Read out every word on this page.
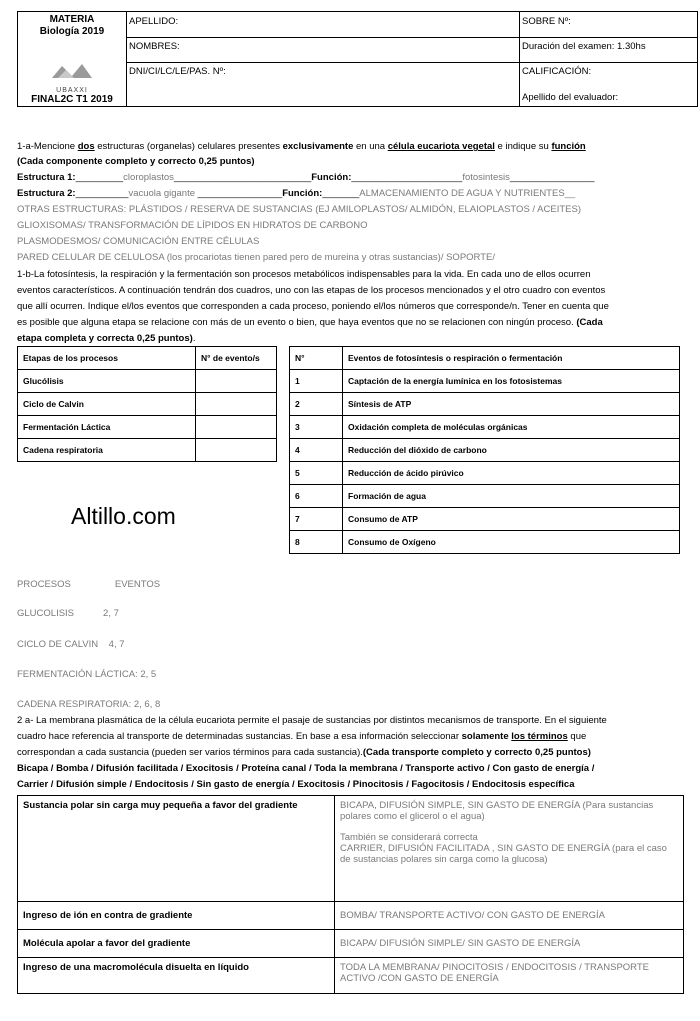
MATERIA
Biología 2019
UBAXXI
FINAL2C T1 2019
APELLIDO:
NOMBRES:
DNI/CI/LC/LE/PAS. Nº:
SOBRE Nº:
Duración del examen: 1.30hs
CALIFICACIÓN:
Apellido del evaluador:
1-a-Mencione dos estructuras (organelas) celulares presentes exclusivamente en una célula eucariota vegetal e indique su función
(Cada componente completo y correcto 0,25 puntos)
Estructura 1:_________cloroplastos__________________________Función:_____________________fotosintesis________________
Estructura 2:__________vacuola gigante ________________Función:_______ALMACENAMIENTO DE AGUA Y NUTRIENTES__
OTRAS ESTRUCTURAS: PLÁSTIDOS / RESERVA DE SUSTANCIAS (EJ AMILOPLASTOS/ ALMIDÓN, ELAIOPLASTOS / ACEITES)
GLIOXISOMAS/ TRANSFORMACIÓN DE LÍPIDOS EN HIDRATOS DE CARBONO
PLASMODESMOS/ COMUNICACIÓN ENTRE CÉLULAS
PARED CELULAR DE CELULOSA (los procariotas tienen pared pero de mureina y otras sustancias)/ SOPORTE/
1-b-La fotosíntesis, la respiración y la fermentación son procesos metabólicos indispensables para la vida. En cada uno de ellos ocurren
eventos característicos. A continuación tendrán dos cuadros, uno con las etapas de los procesos mencionados y el otro cuadro con eventos
que allí ocurren. Indique el/los eventos que corresponden a cada proceso, poniendo el/los números que corresponde/n. Tener en cuenta que
es posible que alguna etapa se relacione con más de un evento o bien, que haya eventos que no se relacionen con ningún proceso. (Cada
etapa completa y correcta 0,25 puntos).
Etapas de los procesos	N° de evento/s
Glucólisis	
Ciclo de Calvin	
Fermentación Láctica	
Cadena respiratoria	
N°	Eventos de fotosíntesis o respiración o fermentación
1	Captación de la energía lumínica en los fotosistemas
2	Síntesis de ATP
3	Oxidación completa de moléculas orgánicas
4	Reducción del dióxido de carbono
5	Reducción de ácido pirúvico
6	Formación de agua
7	Consumo de ATP
8	Consumo de Oxígeno
Altillo.com
PROCESOS	EVENTOS
GLUCOLISIS           2, 7
CICLO DE CALVIN    4, 7
FERMENTACIÓN LÁCTICA: 2, 5
CADENA RESPIRATORIA: 2, 6, 8
2 a- La membrana plasmática de la célula eucariota permite el pasaje de sustancias por distintos mecanismos de transporte. En el siguiente
cuadro hace referencia al transporte de determinadas sustancias. En base a esa información seleccionar solamente los términos que
correspondan a cada sustancia (pueden ser varios términos para cada sustancia).(Cada transporte completo y correcto 0,25 puntos)
Bicapa / Bomba / Difusión facilitada / Exocitosis / Proteína canal / Toda la membrana / Transporte activo / Con gasto de energía /
Carrier / Difusión simple / Endocitosis / Sin gasto de energía / Exocitosis / Pinocitosis / Fagocitosis / Endocitosis específica
Sustancia polar sin carga muy pequeña a favor del gradiente	BICAPA, DIFUSIÓN SIMPLE, SIN GASTO DE ENERGÍA (Para sustancias polares como el glicerol o el agua)
También se considerará correcta
CARRIER, DIFUSIÓN FACILITADA , SIN GASTO DE ENERGÍA (para el caso de sustancias polares sin carga como la glucosa)

Ingreso de ión en contra de gradiente	BOMBA/ TRANSPORTE ACTIVO/ CON GASTO DE ENERGÍA
Molécula apolar a favor del gradiente	BICAPA/ DIFUSIÓN SIMPLE/ SIN GASTO DE ENERGÍA
Ingreso de una macromolécula disuelta en líquido	TODA LA MEMBRANA/ PINOCITOSIS / ENDOCITOSIS / TRANSPORTE ACTIVO /CON GASTO DE ENERGÍA
